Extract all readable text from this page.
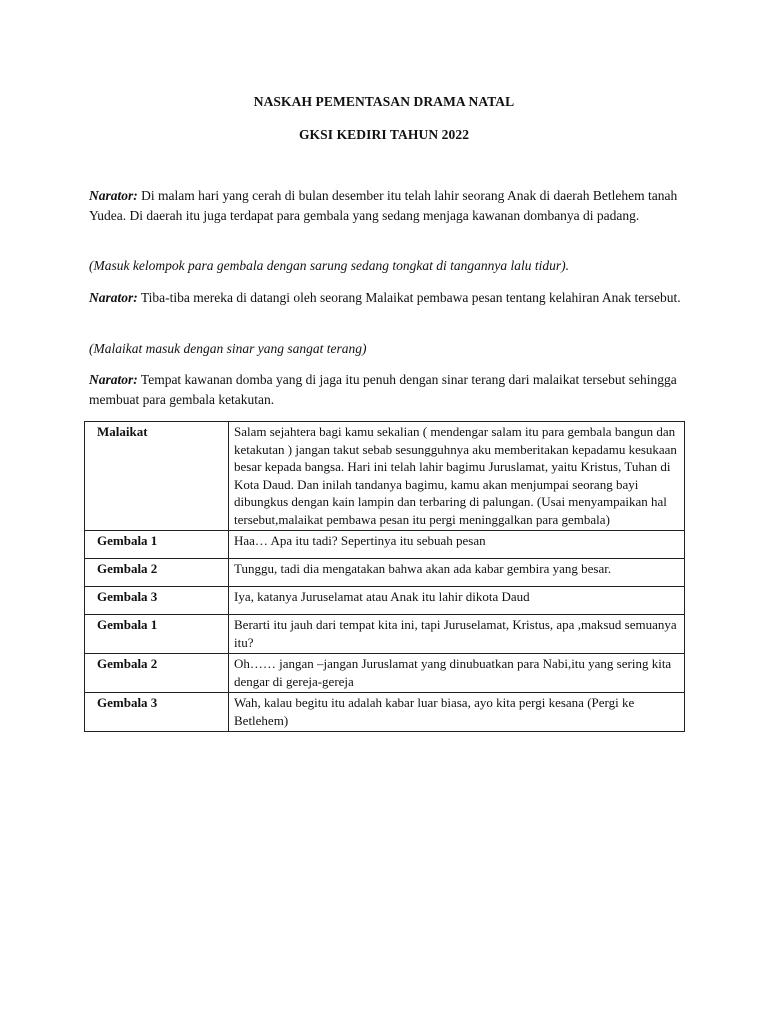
NASKAH PEMENTASAN DRAMA NATAL
GKSI KEDIRI TAHUN 2022
Narator: Di malam hari yang cerah di bulan desember itu telah lahir seorang Anak di daerah Betlehem tanah Yudea. Di daerah itu juga terdapat para gembala yang sedang menjaga kawanan dombanya di padang.
(Masuk kelompok para gembala dengan sarung sedang tongkat di tangannya lalu tidur).
Narator: Tiba-tiba mereka di datangi oleh seorang Malaikat pembawa pesan tentang kelahiran Anak tersebut.
(Malaikat masuk dengan sinar yang sangat terang)
Narator: Tempat kawanan domba yang di jaga itu penuh dengan sinar terang dari malaikat tersebut sehingga membuat para gembala ketakutan.
Malaikat	Salam sejahtera bagi kamu sekalian ( mendengar salam itu para gembala bangun dan ketakutan ) jangan takut sebab sesungguhnya aku memberitakan kepadamu kesukaan besar kepada bangsa. Hari ini telah lahir bagimu Juruslamat, yaitu Kristus, Tuhan di Kota Daud. Dan inilah tandanya bagimu, kamu akan menjumpai seorang bayi dibungkus dengan kain lampin dan terbaring di palungan. (Usai menyampaikan hal tersebut,malaikat pembawa pesan itu pergi meninggalkan para gembala)
Gembala 1	Haa… Apa itu tadi? Sepertinya itu sebuah pesan
Gembala 2	Tunggu, tadi dia mengatakan bahwa akan ada kabar gembira yang besar.
Gembala 3	Iya, katanya Juruselamat atau Anak itu lahir dikota Daud
Gembala 1	Berarti itu jauh dari tempat kita ini, tapi Juruselamat, Kristus, apa ,maksud semuanya itu?
Gembala 2	Oh…… jangan –jangan Juruslamat yang dinubuatkan para Nabi,itu yang sering kita dengar di gereja-gereja
Gembala 3	Wah, kalau begitu itu adalah kabar luar biasa, ayo kita pergi kesana (Pergi ke Betlehem)
